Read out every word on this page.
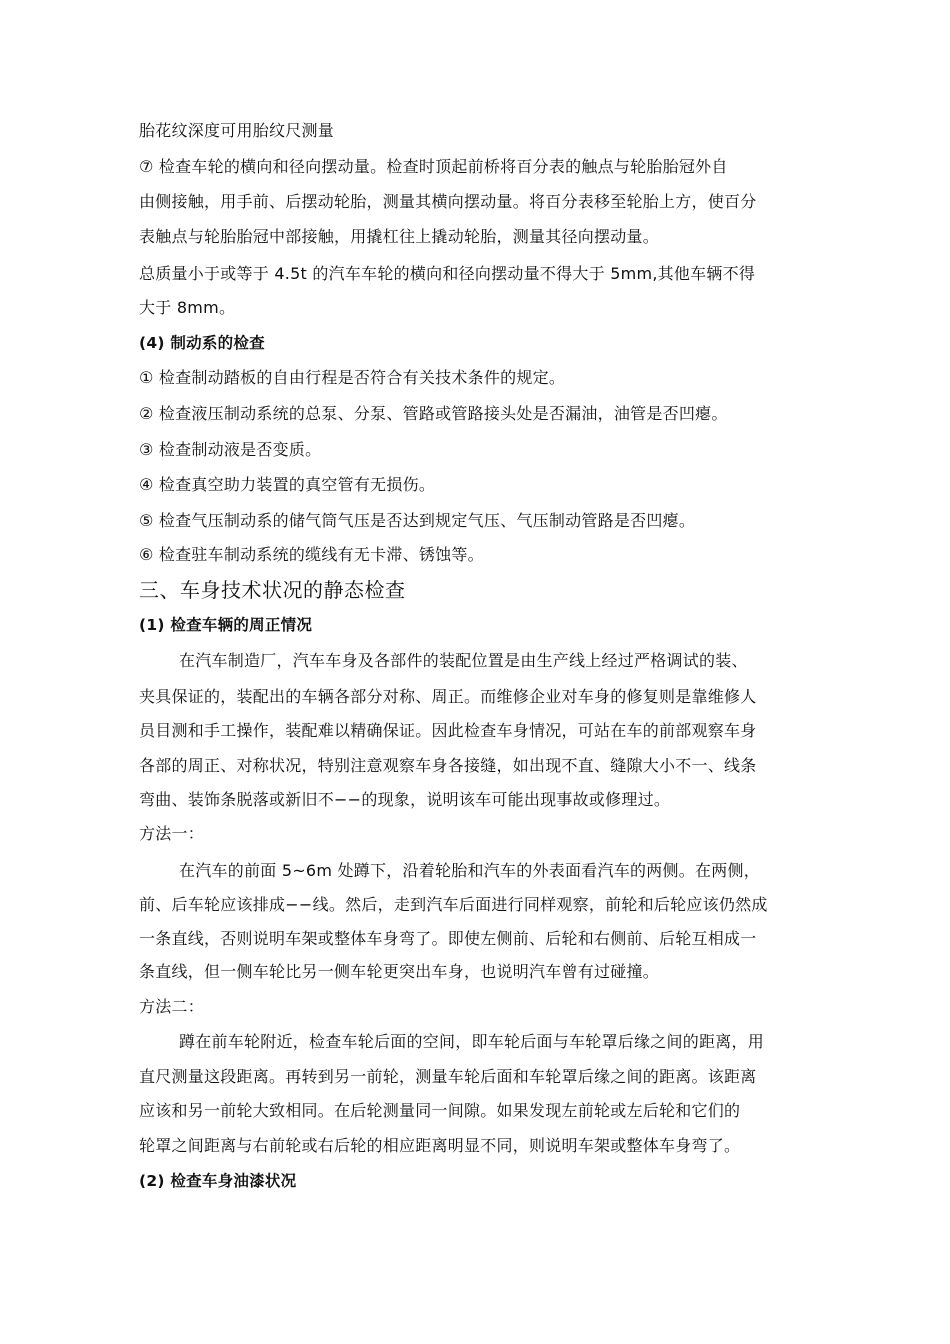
胎花纹深度可用胎纹尺测量
⑦ 检查车轮的横向和径向摆动量。检查时顶起前桥将百分表的触点与轮胎胎冠外自
由侧接触，用手前、后摆动轮胎，测量其横向摆动量。将百分表移至轮胎上方，使百分
表触点与轮胎胎冠中部接触，用撬杠往上撬动轮胎，测量其径向摆动量。
总质量小于或等于 4.5t 的汽车车轮的横向和径向摆动量不得大于 5mm,其他车辆不得
大于 8mm。
(4) 制动系的检查
① 检查制动踏板的自由行程是否符合有关技术条件的规定。
② 检查液压制动系统的总泵、分泵、管路或管路接头处是否漏油，油管是否凹瘪。
③ 检查制动液是否变质。
④ 检查真空助力装置的真空管有无损伤。
⑤ 检查气压制动系的储气筒气压是否达到规定气压、气压制动管路是否凹瘪。
⑥ 检查驻车制动系统的缆线有无卡滞、锈蚀等。
三、车身技术状况的静态检查
(1) 检查车辆的周正情况
在汽车制造厂，汽车车身及各部件的装配位置是由生产线上经过严格调试的装、
夹具保证的，装配出的车辆各部分对称、周正。而维修企业对车身的修复则是靠维修人
员目测和手工操作，装配难以精确保证。因此检查车身情况，可站在车的前部观察车身
各部的周正、对称状况，特别注意观察车身各接缝，如出现不直、缝隙大小不一、线条
弯曲、装饰条脱落或新旧不−−的现象，说明该车可能出现事故或修理过。
方法一：
在汽车的前面 5~6m 处蹲下，沿着轮胎和汽车的外表面看汽车的两侧。在两侧，
前、后车轮应该排成−−线。然后，走到汽车后面进行同样观察，前轮和后轮应该仍然成
一条直线，否则说明车架或整体车身弯了。即使左侧前、后轮和右侧前、后轮互相成一
条直线，但一侧车轮比另一侧车轮更突出车身，也说明汽车曾有过碰撞。
方法二：
蹲在前车轮附近，检查车轮后面的空间，即车轮后面与车轮罩后缘之间的距离，用
直尺测量这段距离。再转到另一前轮，测量车轮后面和车轮罩后缘之间的距离。该距离
应该和另一前轮大致相同。在后轮测量同一间隙。如果发现左前轮或左后轮和它们的
轮罩之间距离与右前轮或右后轮的相应距离明显不同，则说明车架或整体车身弯了。
(2) 检查车身油漆状况
